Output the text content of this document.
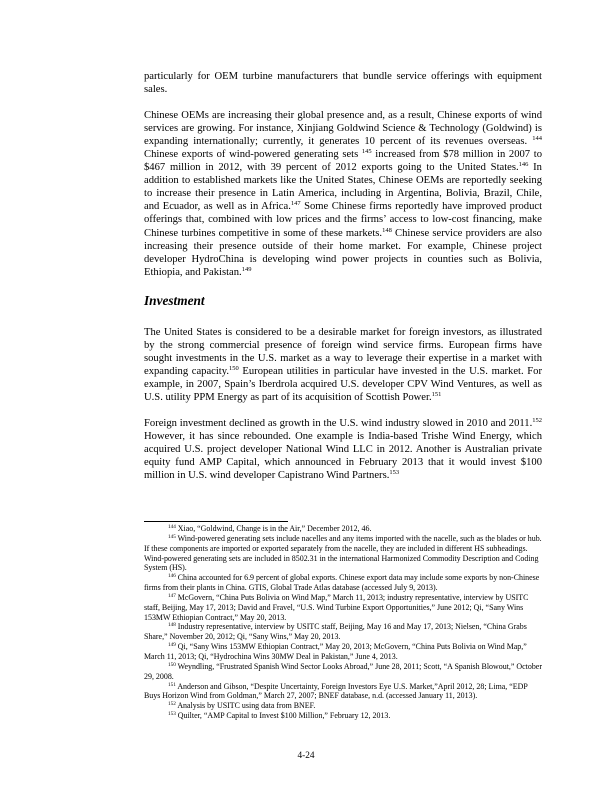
particularly for OEM turbine manufacturers that bundle service offerings with equipment sales.

Chinese OEMs are increasing their global presence and, as a result, Chinese exports of wind services are growing. For instance, Xinjiang Goldwind Science & Technology (Goldwind) is expanding internationally; currently, it generates 10 percent of its revenues overseas. $^{144}$ Chinese exports of wind-powered generating sets $^{145}$ increased from $78 million in 2007 to $467 million in 2012, with 39 percent of 2012 exports going to the United States.$^{146}$ In addition to established markets like the United States, Chinese OEMs are reportedly seeking to increase their presence in Latin America, including in Argentina, Bolivia, Brazil, Chile, and Ecuador, as well as in Africa.$^{147}$ Some Chinese firms reportedly have improved product offerings that, combined with low prices and the firms’ access to low-cost financing, make Chinese turbines competitive in some of these markets.$^{148}$ Chinese service providers are also increasing their presence outside of their home market. For example, Chinese project developer HydroChina is developing wind power projects in counties such as Bolivia, Ethiopia, and Pakistan.$^{149}$

Investment

The United States is considered to be a desirable market for foreign investors, as illustrated by the strong commercial presence of foreign wind service firms. European firms have sought investments in the U.S. market as a way to leverage their expertise in a market with expanding capacity.$^{150}$ European utilities in particular have invested in the U.S. market. For example, in 2007, Spain’s Iberdrola acquired U.S. developer CPV Wind Ventures, as well as U.S. utility PPM Energy as part of its acquisition of Scottish Power.$^{151}$

Foreign investment declined as growth in the U.S. wind industry slowed in 2010 and 2011.$^{152}$ However, it has since rebounded. One example is India-based Trishe Wind Energy, which acquired U.S. project developer National Wind LLC in 2012. Another is Australian private equity fund AMP Capital, which announced in February 2013 that it would invest $100 million in U.S. wind developer Capistrano Wind Partners.$^{153}$

$^{144}$ Xiao, “Goldwind, Change is in the Air,” December 2012, 46.

$^{145}$ Wind-powered generating sets include nacelles and any items imported with the nacelle, such as the blades or hub. If these components are imported or exported separately from the nacelle, they are included in different HS subheadings. Wind-powered generating sets are included in 8502.31 in the international Harmonized Commodity Description and Coding System (HS).

$^{146}$ China accounted for 6.9 percent of global exports. Chinese export data may include some exports by non-Chinese firms from their plants in China. GTIS, Global Trade Atlas database (accessed July 9, 2013).

$^{147}$ McGovern, “China Puts Bolivia on Wind Map,” March 11, 2013; industry representative, interview by USITC staff, Beijing, May 17, 2013; David and Fravel, “U.S. Wind Turbine Export Opportunities,” June 2012; Qi, “Sany Wins 153MW Ethiopian Contract,” May 20, 2013.

$^{148}$ Industry representative, interview by USITC staff, Beijing, May 16 and May 17, 2013; Nielsen, “China Grabs Share,” November 20, 2012; Qi, “Sany Wins,” May 20, 2013.

$^{149}$ Qi, “Sany Wins 153MW Ethiopian Contract,” May 20, 2013; McGovern, “China Puts Bolivia on Wind Map,” March 11, 2013; Qi, “Hydrochina Wins 30MW Deal in Pakistan,” June 4, 2013.

$^{150}$ Weyndling, “Frustrated Spanish Wind Sector Looks Abroad,” June 28, 2011; Scott, “A Spanish Blowout,” October 29, 2008.

$^{151}$ Anderson and Gibson, “Despite Uncertainty, Foreign Investors Eye U.S. Market,”April 2012, 28; Lima, “EDP Buys Horizon Wind from Goldman,” March 27, 2007; BNEF database, n.d. (accessed January 11, 2013).

$^{152}$ Analysis by USITC using data from BNEF.

$^{153}$ Quilter, “AMP Capital to Invest $100 Million,” February 12, 2013.

4-24
